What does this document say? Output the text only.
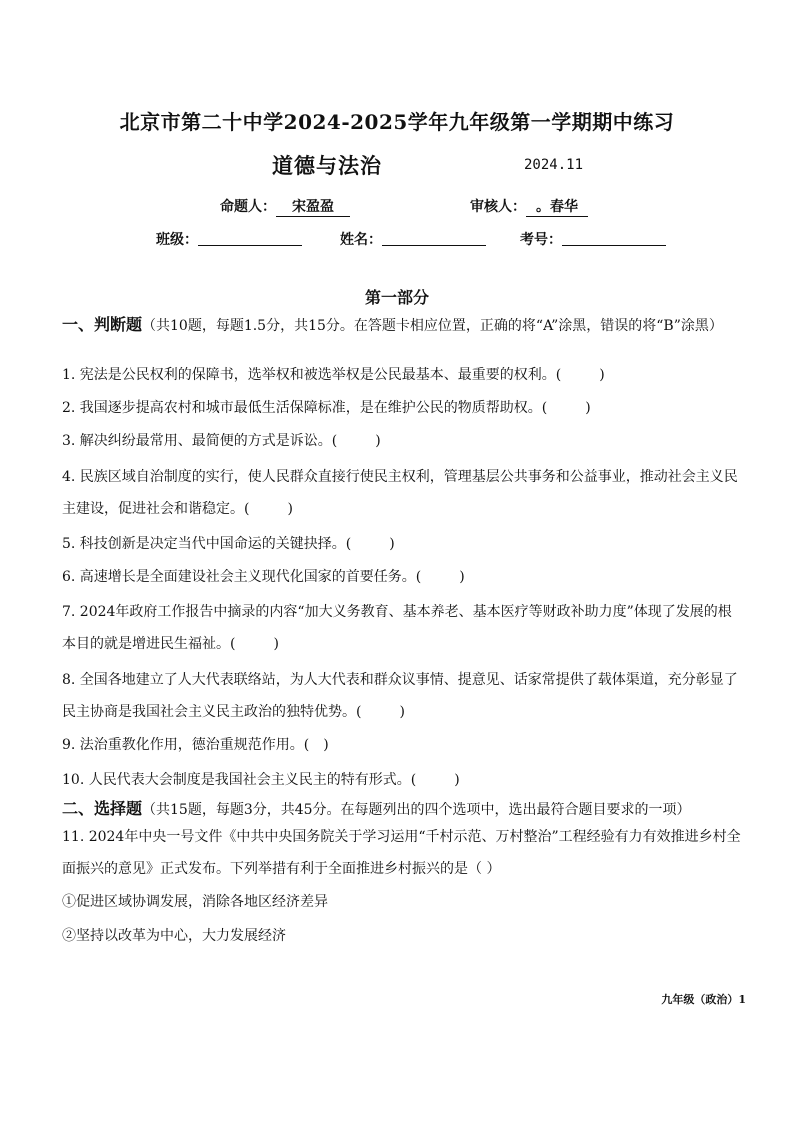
北京市第二十中学2024-2025学年九年级第一学期期中练习
道德与法治	2024.11
命题人： 宋盈盈	审核人： 。春华
班级：	姓名：	考号：
第一部分
一、判断题（共10题，每题1.5分，共15分。在答题卡相应位置，正确的将“A”涂黑，错误的将“B”涂黑）
1. 宪法是公民权利的保障书，选举权和被选举权是公民最基本、最重要的权利。(	)
2. 我国逐步提高农村和城市最低生活保障标准，是在维护公民的物质帮助权。(	)
3. 解决纠纷最常用、最简便的方式是诉讼。(	)
4. 民族区域自治制度的实行，使人民群众直接行使民主权利，管理基层公共事务和公益事业，推动社会主义民主建设，促进社会和谐稳定。(	)
5. 科技创新是决定当代中国命运的关键抉择。(	)
6. 高速增长是全面建设社会主义现代化国家的首要任务。(	)
7. 2024年政府工作报告中摘录的内容“加大义务教育、基本养老、基本医疗等财政补助力度”体现了发展的根本目的就是增进民生福祉。(	)
8. 全国各地建立了人大代表联络站，为人大代表和群众议事情、提意见、话家常提供了载体渠道，充分彰显了民主协商是我国社会主义民主政治的独特优势。(	)
9. 法治重教化作用，德治重规范作用。( )
10. 人民代表大会制度是我国社会主义民主的特有形式。(	)
二、选择题（共15题，每题3分，共45分。在每题列出的四个选项中，选出最符合题目要求的一项）
11. 2024年中央一号文件《中共中央国务院关于学习运用“千村示范、万村整治”工程经验有力有效推进乡村全面振兴的意见》正式发布。下列举措有利于全面推进乡村振兴的是（ ）
①促进区域协调发展，消除各地区经济差异
②坚持以改革为中心，大力发展经济
九年级（政治）1
